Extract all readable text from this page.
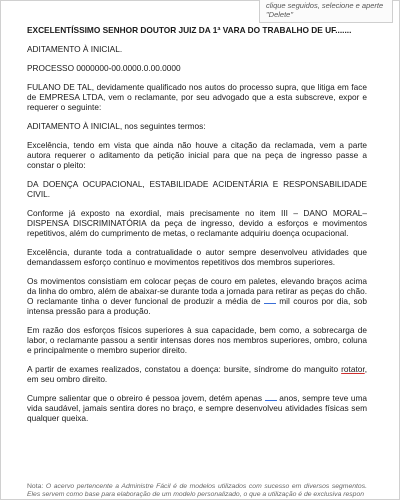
clique seguidos, selecione e aperte "Delete"

EXCELENTÍSSIMO SENHOR DOUTOR JUIZ DA 1ª VARA DO TRABALHO DE UF.......

ADITAMENTO À INICIAL.

PROCESSO 0000000-00.0000.0.00.0000

FULANO DE TAL, devidamente qualificado nos autos do processo supra, que litiga em face de EMPRESA LTDA, vem o reclamante, por seu advogado que a esta subscreve, expor e requerer o seguinte:

ADITAMENTO À INICIAL, nos seguintes termos:

Excelência, tendo em vista que ainda não houve a citação da reclamada, vem a parte autora requerer o aditamento da petição inicial para que na peça de ingresso passe a constar o pleito:

DA DOENÇA OCUPACIONAL, ESTABILIDADE ACIDENTÁRIA E RESPONSABILIDADE CIVIL.

Conforme já exposto na exordial, mais precisamente no item III – DANO MORAL– DISPENSA DISCRIMINATÓRIA da peça de ingresso, devido a esforços e movimentos repetitivos, além do cumprimento de metas, o reclamante adquiriu doença ocupacional.

Excelência, durante toda a contratualidade o autor sempre desenvolveu atividades que demandassem esforço contínuo e movimentos repetitivos dos membros superiores.

Os movimentos consistiam em colocar peças de couro em paletes, elevando braços acima da linha do ombro, além de abaixar-se durante toda a jornada para retirar as peças do chão. O reclamante tinha o dever funcional de produzir a média de mil couros por dia, sob intensa pressão para a produção.

Em razão dos esforços físicos superiores à sua capacidade, bem como, a sobrecarga de labor, o reclamante passou a sentir intensas dores nos membros superiores, ombro, coluna e principalmente o membro superior direito.

A partir de exames realizados, constatou a doença: bursite, síndrome do manguito rotator, em seu ombro direito.

Cumpre salientar que o obreiro é pessoa jovem, detém apenas anos, sempre teve uma vida saudável, jamais sentira dores no braço, e sempre desenvolveu atividades físicas sem qualquer queixa.

Nota: O acervo pertencente a Administre Fácil é de modelos utilizados com sucesso em diversos segmentos. Eles servem como base para elaboração de um modelo personalizado, o que a utilização é de exclusiva respon
